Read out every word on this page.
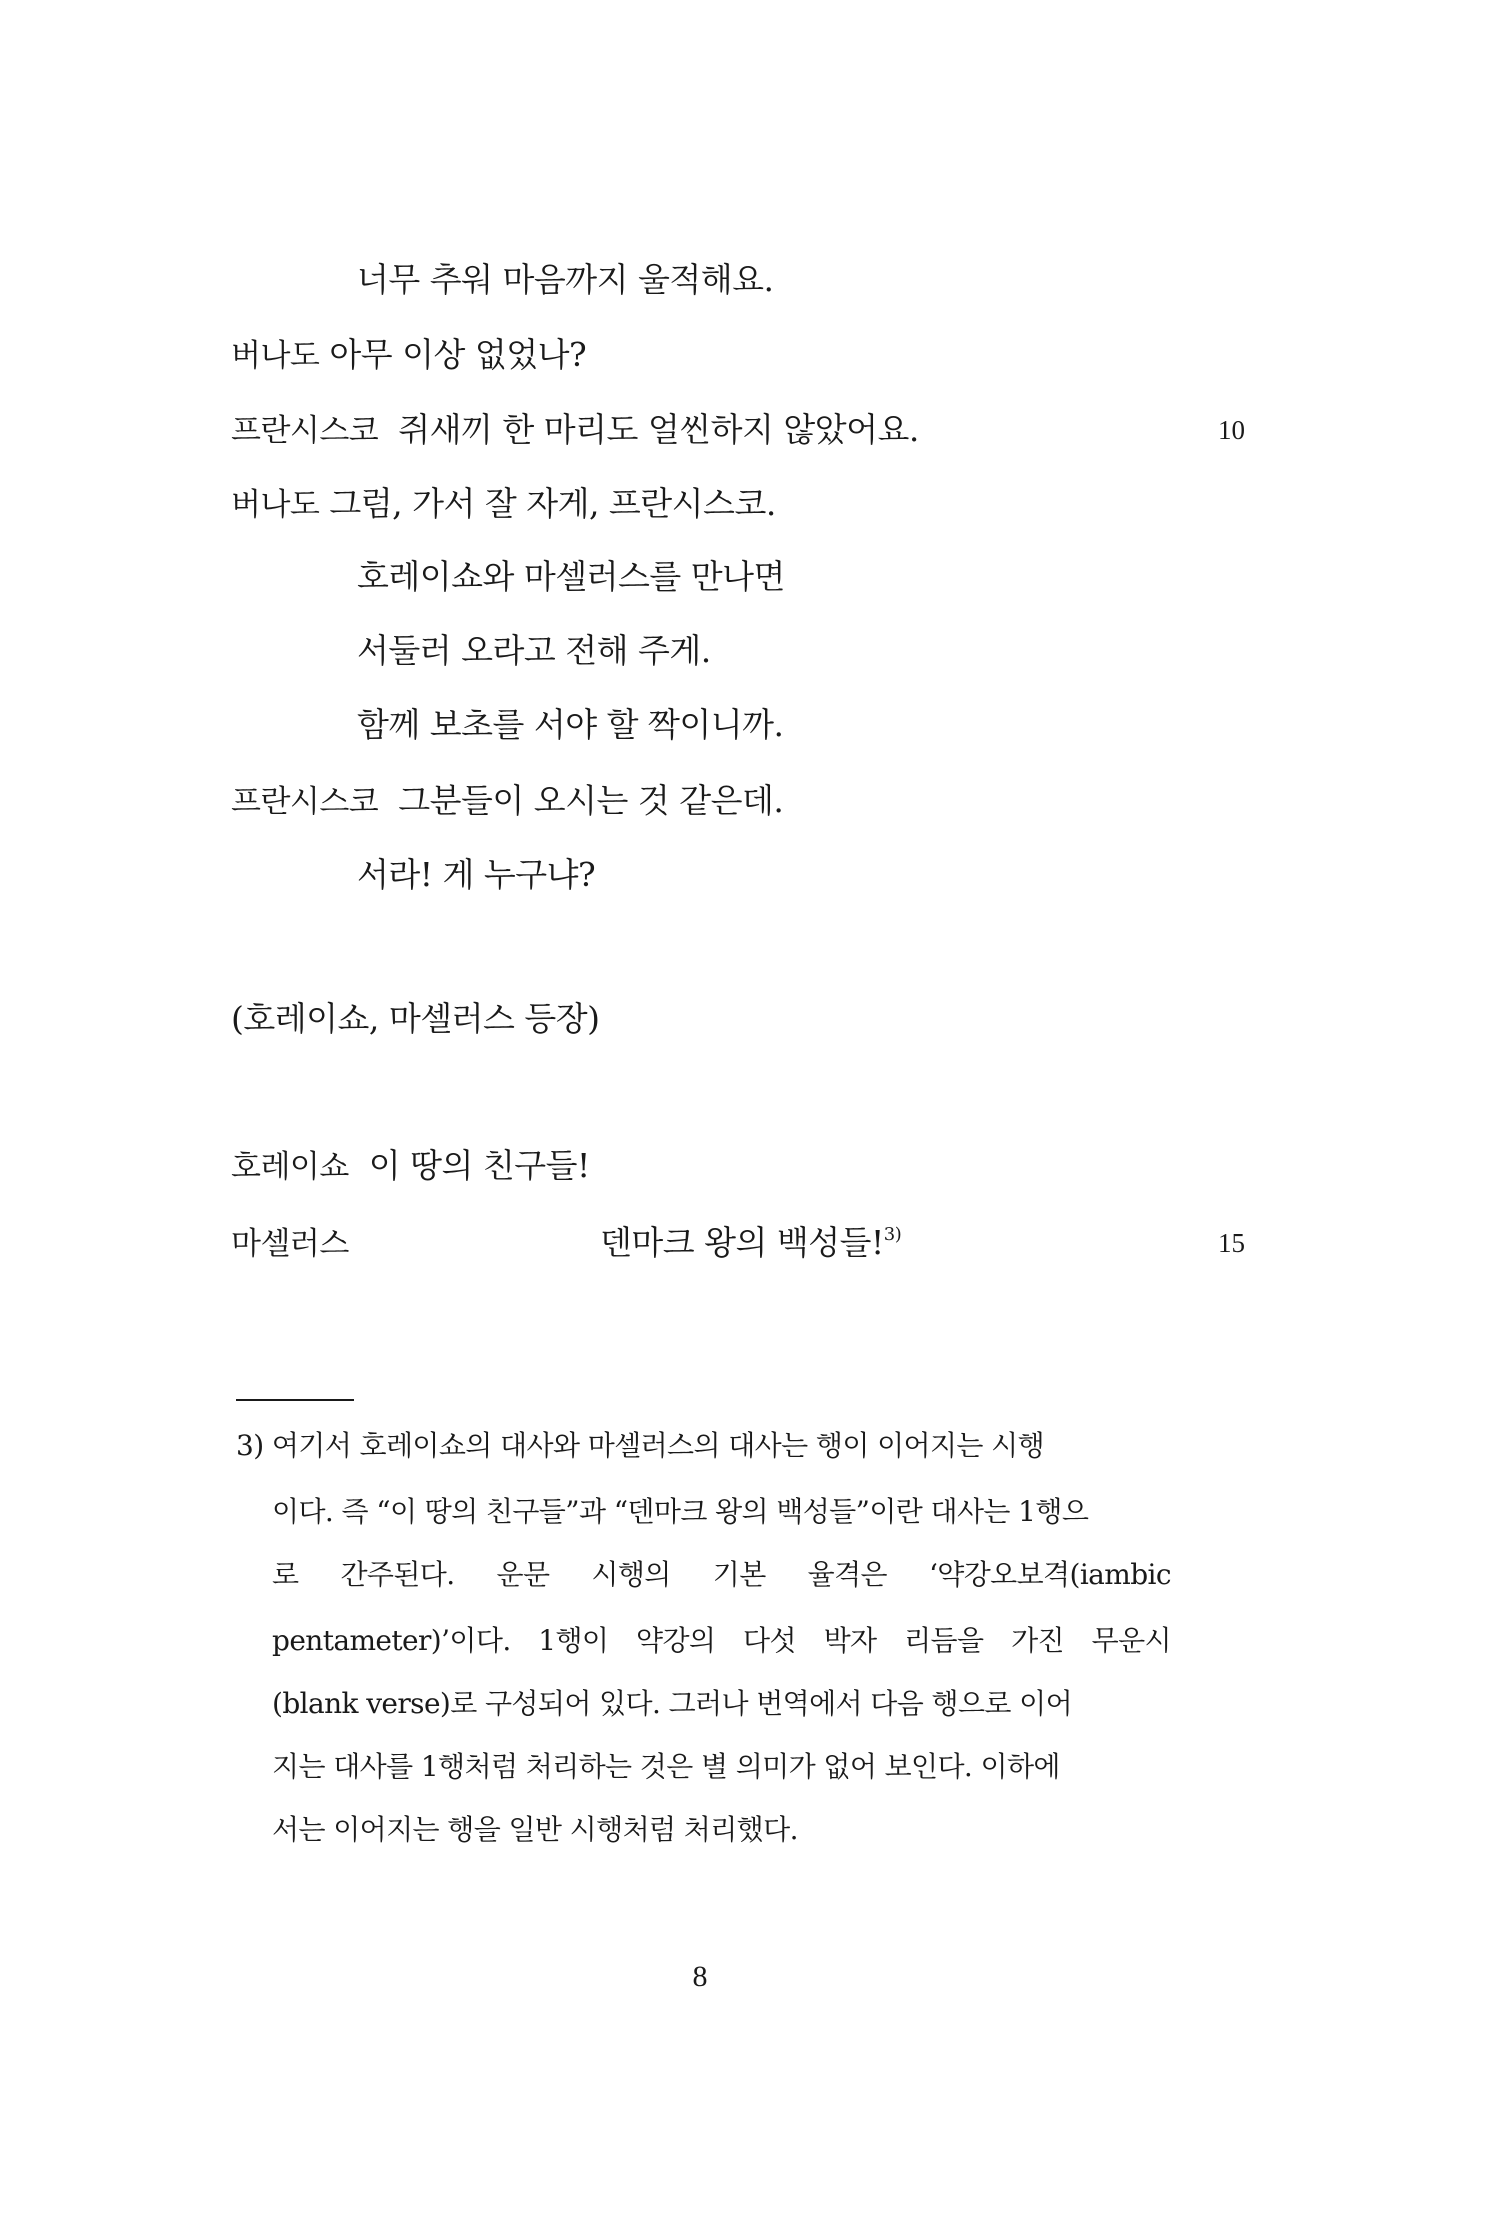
너무 추워 마음까지 울적해요.
버나도 아무 이상 없었나?
프란시스코 쥐새끼 한 마리도 얼씬하지 않았어요.	10
버나도 그럼, 가서 잘 자게, 프란시스코.
호레이쇼와 마셀러스를 만나면
서둘러 오라고 전해 주게.
함께 보초를 서야 할 짝이니까.
프란시스코 그분들이 오시는 것 같은데.
서라! 게 누구냐?
(호레이쇼, 마셀러스 등장)
호레이쇼 이 땅의 친구들!
마셀러스	덴마크 왕의 백성들!$^{3)}$	15
3) 여기서 호레이쇼의 대사와 마셀러스의 대사는 행이 이어지는 시행
이다. 즉 “이 땅의 친구들”과 “덴마크 왕의 백성들”이란 대사는 1행으
로 간주된다. 운문 시행의 기본 율격은 ‘약강오보격(iambic
pentameter)’이다. 1행이 약강의 다섯 박자 리듬을 가진 무운시
(blank verse)로 구성되어 있다. 그러나 번역에서 다음 행으로 이어
지는 대사를 1행처럼 처리하는 것은 별 의미가 없어 보인다. 이하에
서는 이어지는 행을 일반 시행처럼 처리했다.
8
